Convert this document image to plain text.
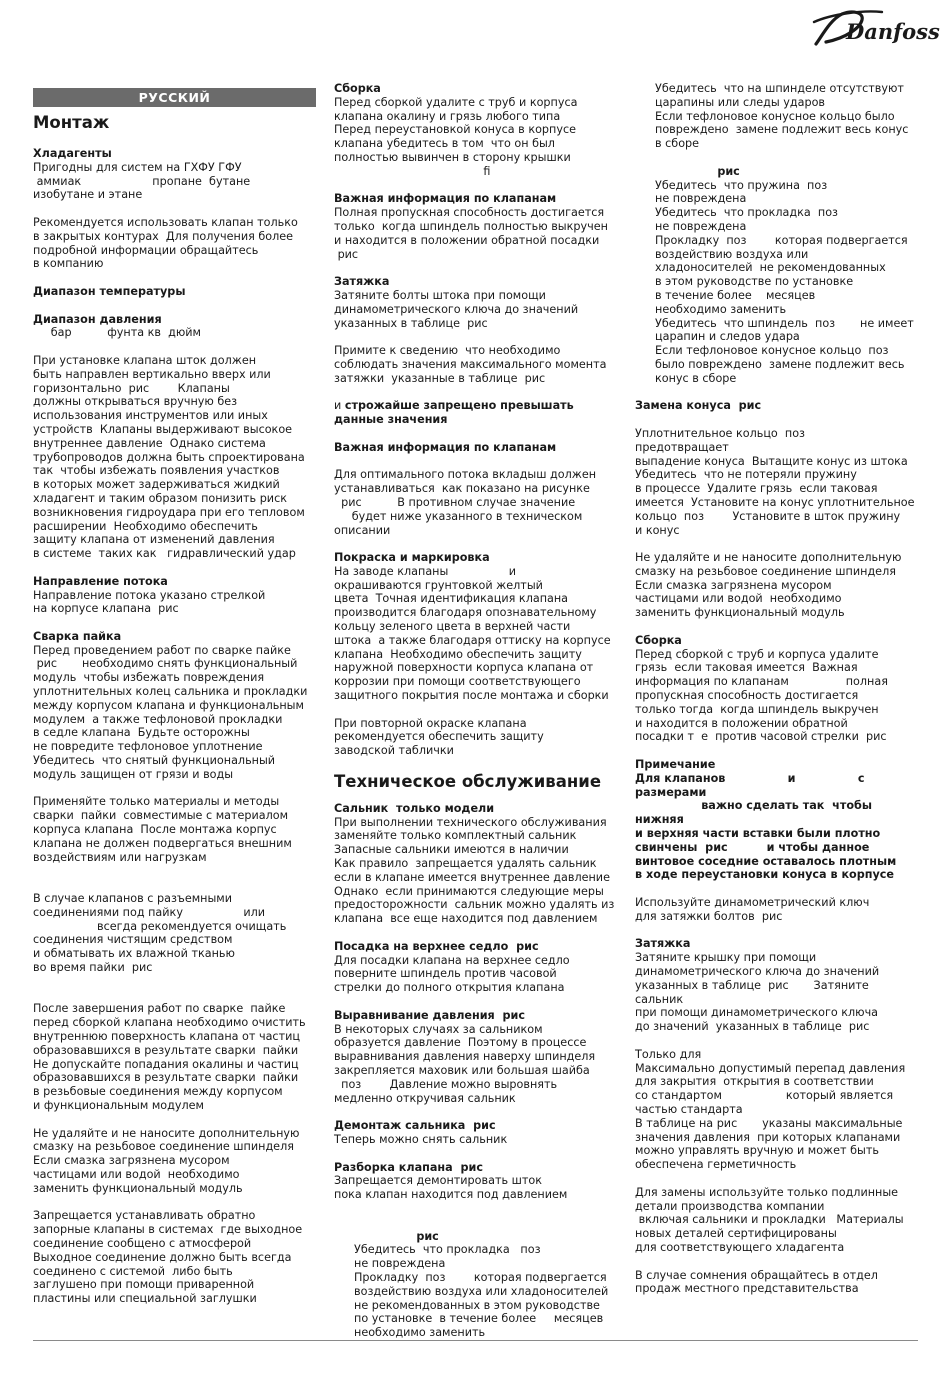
Danfoss
РУССКИЙ
Монтаж
Хладагенты
Пригодны для систем на ГХФУ ГФУ
аммиак                    пропане  бутане
изобутане и этане
Рекомендуется использовать клапан только
в закрытых контурах  Для получения более
подробной информации обращайтесь
в компанию
Диапазон температуры
Диапазон давления
бар          фунта кв  дюйм
При установке клапана шток должен
быть направлен вертикально вверх или
горизонтально  рис        Клапаны
должны открываться вручную без
использования инструментов или иных
устройств  Клапаны выдерживают высокое
внутреннее давление  Однако система
трубопроводов должна быть спроектирована
так  чтобы избежать появления участков
в которых может задерживаться жидкий
хладагент и таким образом понизить риск
возникновения гидроудара при его тепловом
расширении  Необходимо обеспечить
защиту клапана от изменений давления
в системе  таких как   гидравлический удар
Направление потока
Направление потока указано стрелкой
на корпусе клапана  рис
Сварка пайка
Перед проведением работ по сварке пайке
рис       необходимо снять функциональный
модуль  чтобы избежать повреждения
уплотнительных колец сальника и прокладки
между корпусом клапана и функциональным
модулем  а также тефлоновой прокладки
в седле клапана  Будьте осторожны
не повредите тефлоновое уплотнение
Убедитесь  что снятый функциональный
модуль защищен от грязи и воды
Применяйте только материалы и методы
сварки  пайки  совместимые с материалом
корпуса клапана  После монтажа корпус
клапана не должен подвергаться внешним
воздействиям или нагрузкам
В случае клапанов с разъемными
соединениями под пайку                 или
всегда рекомендуется очищать
соединения чистящим средством
и обматывать их влажной тканью
во время пайки  рис
После завершения работ по сварке  пайке
перед сборкой клапана необходимо очистить
внутреннюю поверхность клапана от частиц
образовавшихся в результате сварки  пайки
Не допускайте попадания окалины и частиц
образовавшихся в результате сварки  пайки
в резьбовые соединения между корпусом
и функциональным модулем
Не удаляйте и не наносите дополнительную
смазку на резьбовое соединение шпинделя
Если смазка загрязнена мусором
частицами или водой  необходимо
заменить функциональный модуль
Запрещается устанавливать обратно
запорные клапаны в системах  где выходное
соединение сообщено с атмосферой
Выходное соединение должно быть всегда
соединено с системой  либо быть
заглушено при помощи приваренной
пластины или специальной заглушки
Сборка
Перед сборкой удалите с труб и корпуса
клапана окалину и грязь любого типа
Перед переустановкой конуса в корпусе
клапана убедитесь в том  что он был
полностью вывинчен в сторону крышки
ﬁ
Важная информация по клапанам
Полная пропускная способность достигается
только  когда шпиндель полностью выкручен
и находится в положении обратной посадки
рис
Затяжка
Затяните болты штока при помощи
динамометрического ключа до значений
указанных в таблице  рис
Примите к сведению  что необходимо
соблюдать значения максимального момента
затяжки  указанные в таблице  рис
и строжайше запрещено превышать
данные значения
Важная информация по клапанам
Для оптимального потока вкладыш должен
устанавливаться  как показано на рисунке
рис          В противном случае значение
будет ниже указанного в техническом
описании
Покраска и маркировка
На заводе клапаны                 и
окрашиваются грунтовкой желтый
цвета  Точная идентификация клапана
производится благодаря опознавательному
кольцу зеленого цвета в верхней части
штока  а также благодаря оттиску на корпусе
клапана  Необходимо обеспечить защиту
наружной поверхности корпуса клапана от
коррозии при помощи соответствующего
защитного покрытия после монтажа и сборки
При повторной окраске клапана
рекомендуется обеспечить защиту
заводской таблички
Техническое обслуживание
Сальник  только модели
При выполнении технического обслуживания
заменяйте только комплектный сальник
Запасные сальники имеются в наличии
Как правило  запрещается удалять сальник
если в клапане имеется внутреннее давление
Однако  если принимаются следующие меры
предосторожности  сальник можно удалять из
клапана  все еще находится под давлением
Посадка на верхнее седло  рис
Для посадки клапана на верхнее седло
поверните шпиндель против часовой
стрелки до полного открытия клапана
Выравнивание давления  рис
В некоторых случаях за сальником
образуется давление  Поэтому в процессе
выравнивания давления наверху шпинделя
закрепляется маховик или большая шайба
поз        Давление можно выровнять
медленно откручивая сальник
Демонтаж сальника  рис
Теперь можно снять сальник
Разборка клапана  рис
Запрещается демонтировать шток
пока клапан находится под давлением
рис
Убедитесь  что прокладка   поз
не повреждена
Прокладку  поз        которая подвергается
воздействию воздуха или хладоносителей
не рекомендованных в этом руководстве
по установке  в течение более     месяцев
необходимо заменить
Убедитесь  что на шпинделе отсутствуют
царапины или следы ударов
Если тефлоновое конусное кольцо было
повреждено  замене подлежит весь конус
в сборе
рис
Убедитесь  что пружина  поз
не повреждена
Убедитесь  что прокладка  поз
не повреждена
Прокладку  поз        которая подвергается
воздействию воздуха или
хладоносителей  не рекомендованных
в этом руководстве по установке
в течение более    месяцев
необходимо заменить
Убедитесь  что шпиндель  поз       не имеет
царапин и следов удара
Если тефлоновое конусное кольцо  поз
было повреждено  замене подлежит весь
конус в сборе
Замена конуса  рис
Уплотнительное кольцо  поз       предотвращает
выпадение конуса  Вытащите конус из штока
Убедитесь  что не потеряли пружину
в процессе  Удалите грязь  если таковая
имеется  Установите на конус уплотнительное
кольцо  поз        Установите в шток пружину
и конус
Не удаляйте и не наносите дополнительную
смазку на резьбовое соединение шпинделя
Если смазка загрязнена мусором
частицами или водой  необходимо
заменить функциональный модуль
Сборка
Перед сборкой с труб и корпуса удалите
грязь  если таковая имеется  Важная
информация по клапанам                полная
пропускная способность достигается
только тогда  когда шпиндель выкручен
и находится в положении обратной
посадки т  е  против часовой стрелки  рис
Примечание
Для клапанов                и                с размерами
важно сделать так  чтобы нижняя
и верхняя части вставки были плотно
свинчены  рис          и чтобы данное
винтовое соседние оставалось плотным
в ходе переустановки конуса в корпусе
Используйте динамометрический ключ
для затяжки болтов  рис
Затяжка
Затяните крышку при помощи
динамометрического ключа до значений
указанных в таблице  рис       Затяните сальник
при помощи динамометрического ключа
до значений  указанных в таблице  рис
Только для
Максимально допустимый перепад давления
для закрытия  открытия в соответствии
со стандартом                  который является
частью стандарта
В таблице на рис       указаны максимальные
значения давления  при которых клапанами
можно управлять вручную и может быть
обеспечена герметичность
Для замены используйте только подлинные
детали производства компании
включая сальники и прокладки   Материалы
новых деталей сертифицированы
для соответствующего хладагента
В случае сомнения обращайтесь в отдел
продаж местного представительства
